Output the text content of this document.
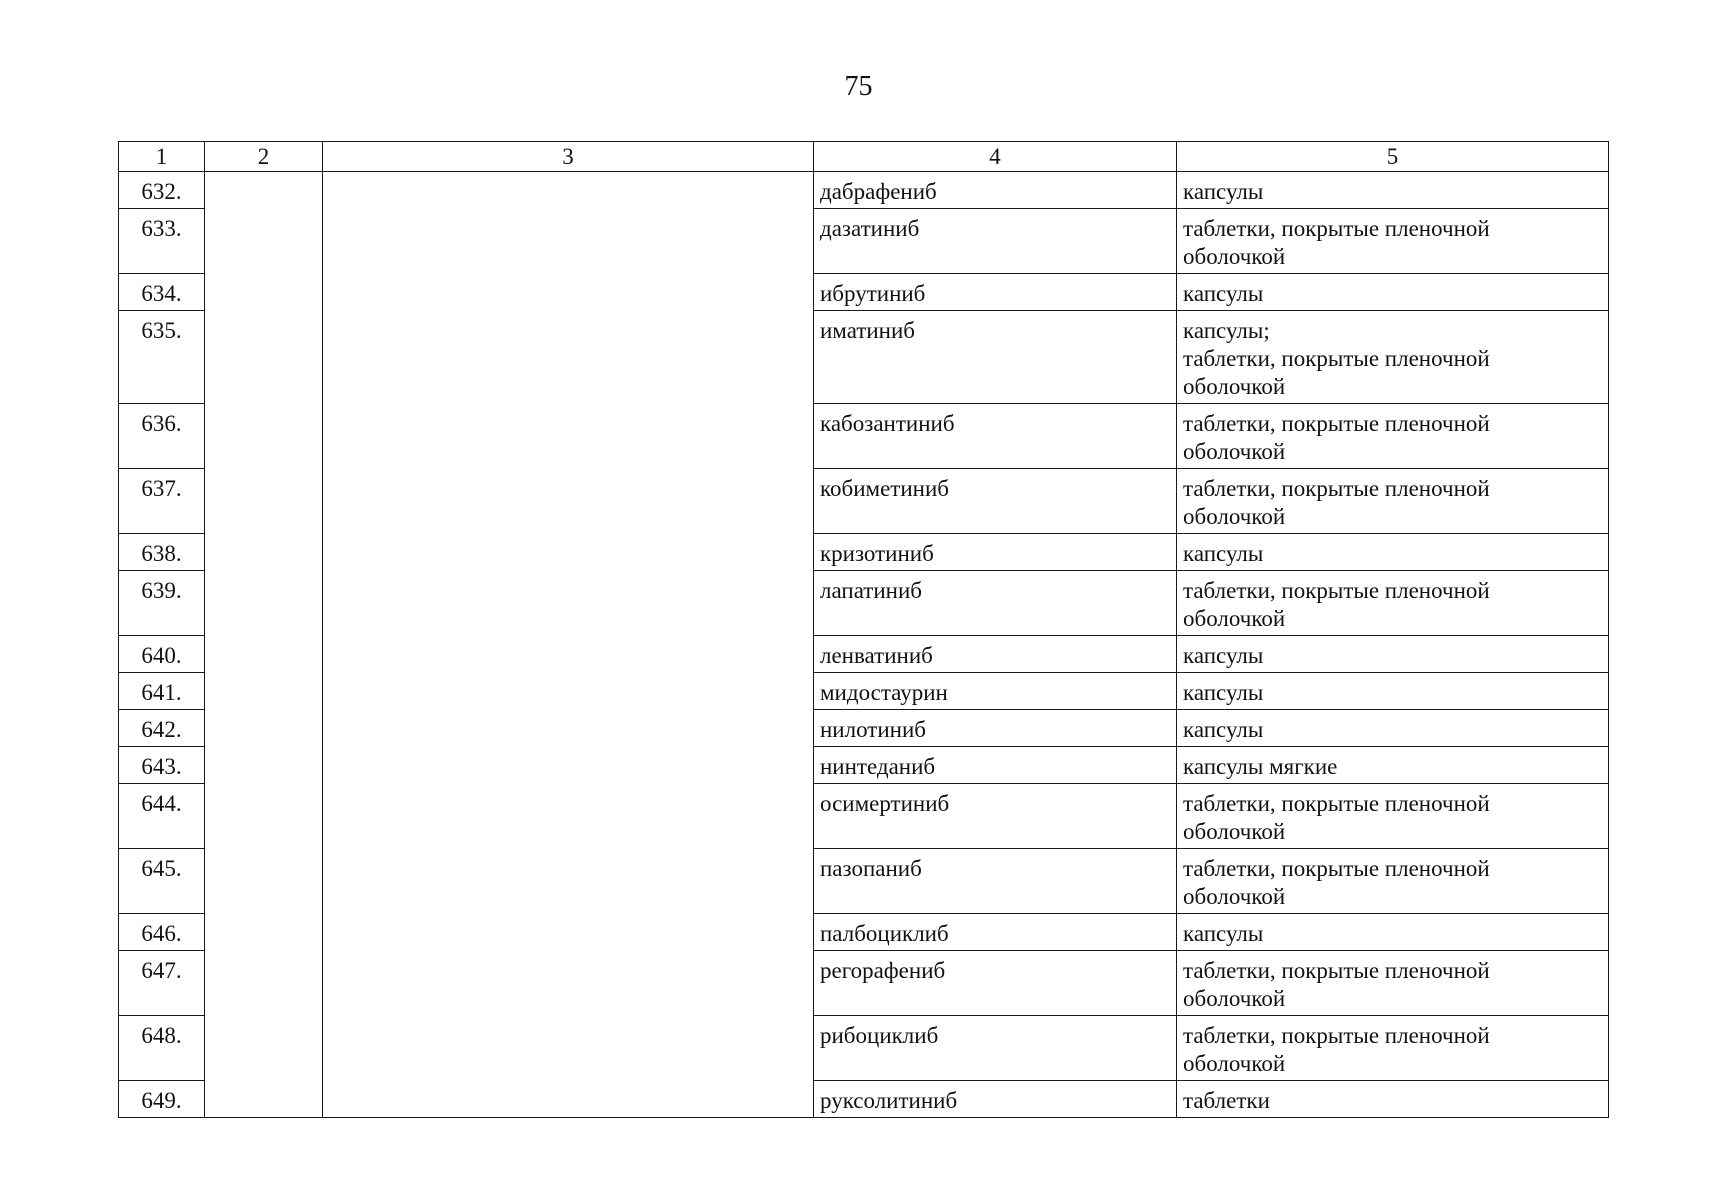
75
1	2	3	4	5
632.			дабрафениб	капсулы
633.			дазатиниб	таблетки, покрытые пленочной
оболочкой
634.			ибрутиниб	капсулы
635.			иматиниб	капсулы;
таблетки, покрытые пленочной
оболочкой
636.			кабозантиниб	таблетки, покрытые пленочной
оболочкой
637.			кобиметиниб	таблетки, покрытые пленочной
оболочкой
638.			кризотиниб	капсулы
639.			лапатиниб	таблетки, покрытые пленочной
оболочкой
640.			ленватиниб	капсулы
641.			мидостаурин	капсулы
642.			нилотиниб	капсулы
643.			нинтеданиб	капсулы мягкие
644.			осимертиниб	таблетки, покрытые пленочной
оболочкой
645.			пазопаниб	таблетки, покрытые пленочной
оболочкой
646.			палбоциклиб	капсулы
647.			регорафениб	таблетки, покрытые пленочной
оболочкой
648.			рибоциклиб	таблетки, покрытые пленочной
оболочкой
649.			руксолитиниб	таблетки
